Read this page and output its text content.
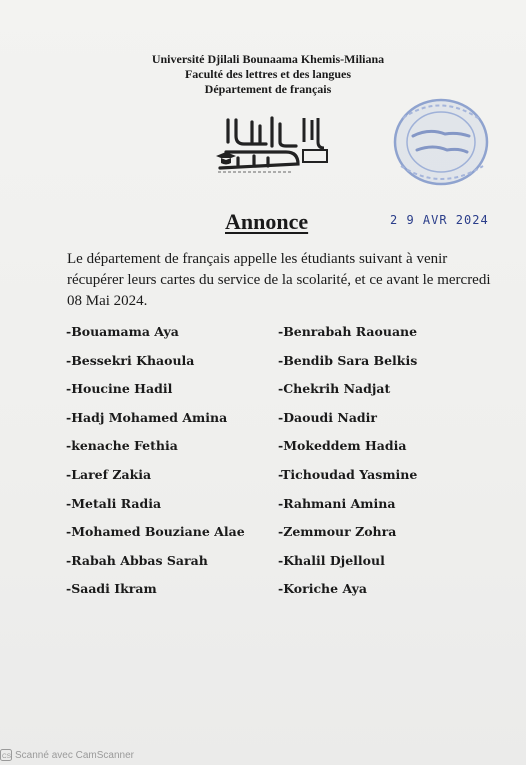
Université Djilali Bounaama Khemis-Miliana
Faculté des lettres et des langues
Département de français
Annonce	2 9 AVR 2024
Le département de français appelle les étudiants suivant à venir récupérer leurs cartes du service de la scolarité, et ce avant le mercredi 08 Mai 2024.
-Bouamama Aya
-Bessekri Khaoula
-Houcine Hadil
-Hadj Mohamed Amina
-kenache Fethia
-Laref Zakia
-Metali Radia
-Mohamed Bouziane Alae
-Rabah Abbas Sarah
-Saadi Ikram
-Benrabah Raouane
-Bendib Sara Belkis
-Chekrih Nadjat
-Daoudi Nadir
-Mokeddem Hadia
-Tichoudad Yasmine
-Rahmani Amina
-Zemmour Zohra
-Khalil Djelloul
-Koriche Aya
CS Scanné avec CamScanner
